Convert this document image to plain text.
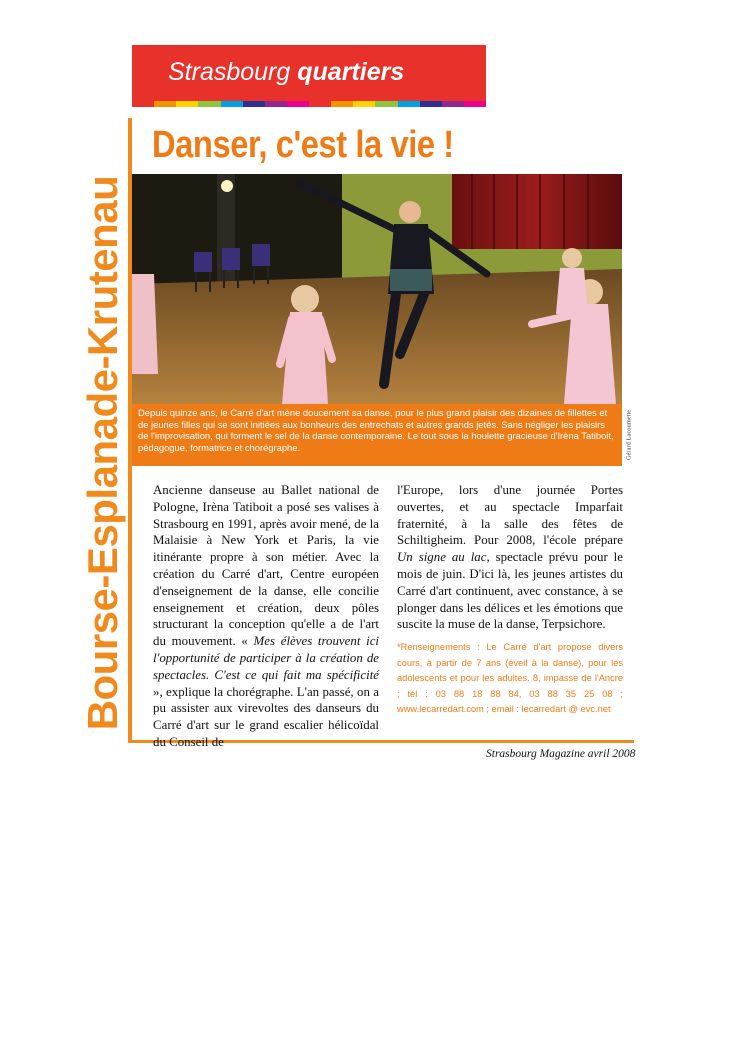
Strasbourg quartiers
Bourse-Esplanade-Krutenau
Danser, c'est la vie !
Depuis quinze ans, le Carré d'art mène doucement sa danse, pour le plus grand plaisir des dizaines de fillettes et de jeunes filles qui se sont initiées aux bonheurs des entrechats et autres grands jetés. Sans négliger les plaisirs de l'improvisation, qui forment le sel de la danse contemporaine. Le tout sous la houlette gracieuse d'Irèna Tatiboit, pédagogue, formatrice et chorégraphe.	Gérard Lacoumette

Ancienne danseuse au Ballet national de Pologne, Irèna Tatiboit a posé ses valises à Strasbourg en 1991, après avoir mené, de la Malaisie à New York et Paris, la vie itinérante propre à son métier. Avec la création du Carré d'art, Centre européen d'enseignement de la danse, elle concilie enseignement et création, deux pôles structurant la conception qu'elle a de l'art du mouvement. « Mes élèves trouvent ici l'opportunité de participer à la création de spectacles. C'est ce qui fait ma spécificité », explique la chorégraphe. L'an passé, on a pu assister aux virevoltes des danseurs du Carré d'art sur le grand escalier hélicoïdal du Conseil de

l'Europe, lors d'une journée Portes ouvertes, et au spectacle Imparfait fraternité, à la salle des fêtes de Schiltigheim. Pour 2008, l'école prépare Un signe au lac, spectacle prévu pour le mois de juin. D'ici là, les jeunes artistes du Carré d'art continuent, avec constance, à se plonger dans les délices et les émotions que suscite la muse de la danse, Terpsichore.

*Renseignements : Le Carré d'art propose divers cours, à partir de 7 ans (éveil à la danse), pour les adolescents et pour les adultes. 8, impasse de l'Ancre ; tél : 03 88 18 88 84, 03 88 35 25 08 ; www.lecarredart.com ; email : lecarredart @ evc.net
Strasbourg Magazine avril 2008
